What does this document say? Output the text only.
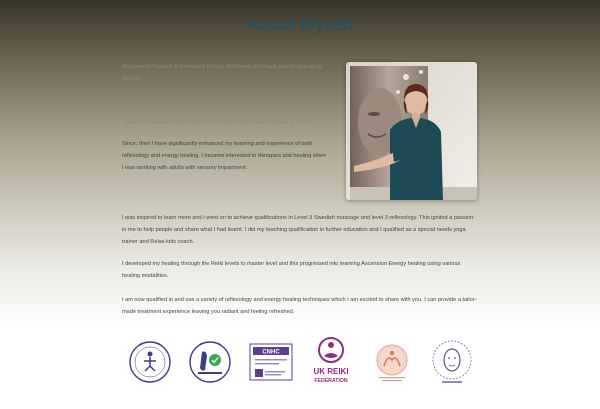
About Myself

Welcome to Radiant & Refreshed Holistic Wellbeing and thank you for visiting my website.

My journey to become a fully qualified reflexologist started in 2019 with a course in reflexology. I followed on in 2020 gaining a diploma in Reflexology and a year later I gained my master Reiki practitioner certificate with Valerie Hopper in Louth.

Since, then I have significantly enhanced my learning and experience of both reflexology and energy healing. I became interested in therapies and healing when I was working with adults with sensory impairment.

I was inspired to learn more and I went on to achieve qualifications in Level 3 Swedish massage and level 3 reflexology. This ignited a passion in me to help people and share what I had learnt. I did my teaching qualification in further education and I qualified as a special needs yoga trainer and Relax kids coach.

I developed my healing through the Reiki levels to master level and this progressed into learning Ascension Energy healing using various healing modalities.

I am now qualified in and use a variety of reflexology and energy healing techniques which I am excited to share with you. I can provide a tailor-made treatment experience leaving you radiant and feeling refreshed.

CNHC
UK REIKI
FEDERATION
